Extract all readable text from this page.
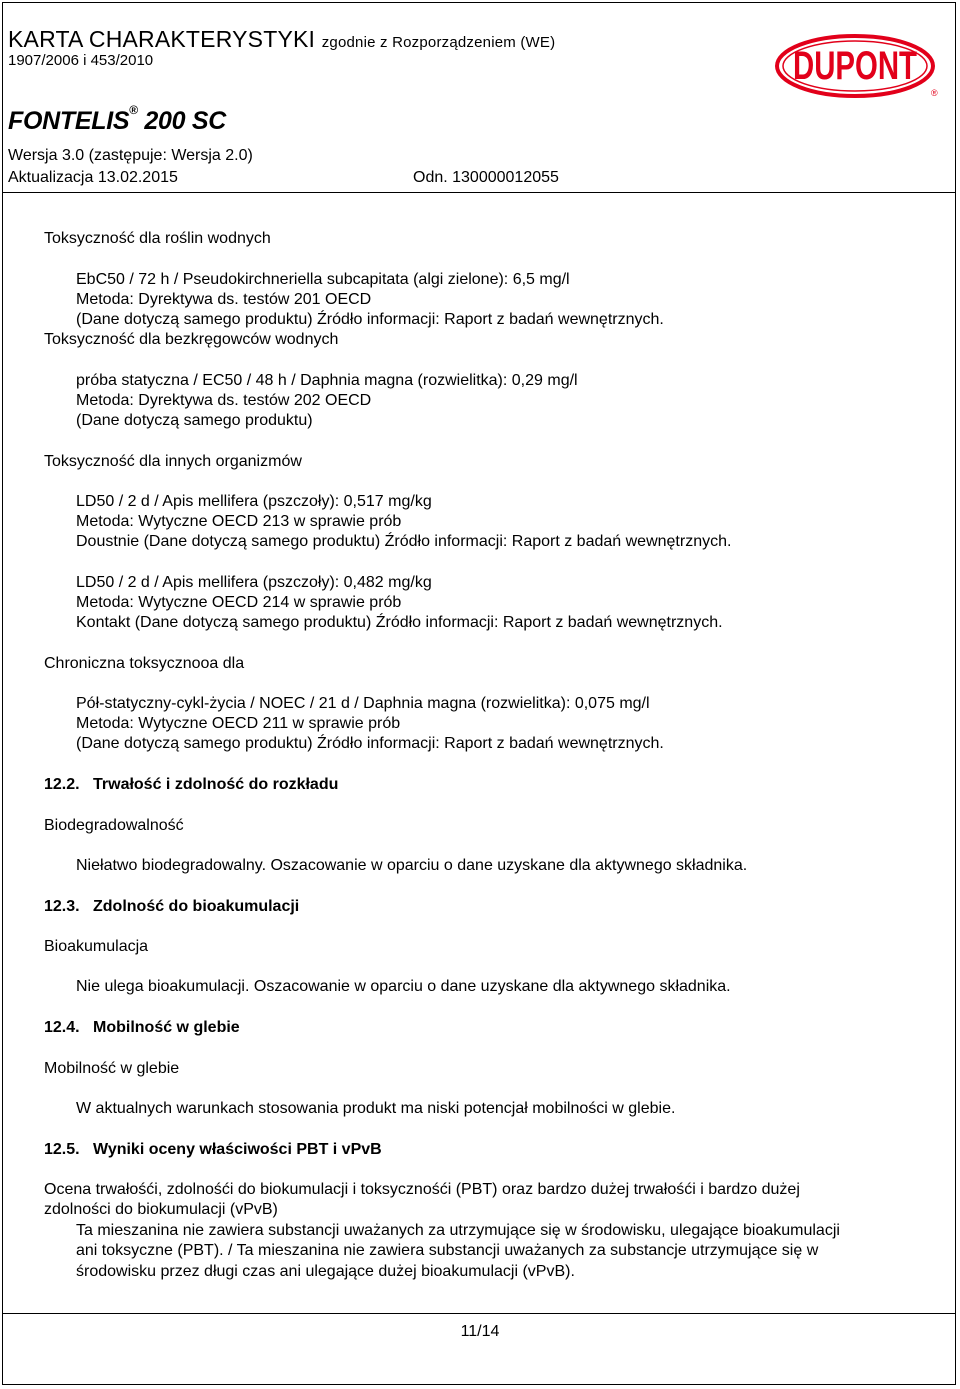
KARTA CHARAKTERYSTYKI zgodnie z Rozporządzeniem (WE)
1907/2006 i 453/2010
FONTELIS® 200 SC
Wersja 3.0 (zastępuje: Wersja 2.0)
Aktualizacja 13.02.2015	Odn. 130000012055
DUPONT
®
Toksyczność dla roślin wodnych
EbC50 / 72 h / Pseudokirchneriella subcapitata (algi zielone): 6,5 mg/l
Metoda: Dyrektywa ds. testów 201 OECD
(Dane dotyczą samego produktu) Źródło informacji: Raport z badań wewnętrznych.
Toksyczność dla bezkręgowców wodnych
próba statyczna / EC50 / 48 h / Daphnia magna (rozwielitka): 0,29 mg/l
Metoda: Dyrektywa ds. testów 202 OECD
(Dane dotyczą samego produktu)
Toksyczność dla innych organizmów
LD50 / 2 d / Apis mellifera (pszczoły): 0,517 mg/kg
Metoda: Wytyczne OECD 213 w sprawie prób
Doustnie (Dane dotyczą samego produktu) Źródło informacji: Raport z badań wewnętrznych.
LD50 / 2 d / Apis mellifera (pszczoły): 0,482 mg/kg
Metoda: Wytyczne OECD 214 w sprawie prób
Kontakt (Dane dotyczą samego produktu) Źródło informacji: Raport z badań wewnętrznych.
Chroniczna toksycznooa dla
Pół-statyczny-cykl-życia / NOEC / 21 d / Daphnia magna (rozwielitka): 0,075 mg/l
Metoda: Wytyczne OECD 211 w sprawie prób
(Dane dotyczą samego produktu) Źródło informacji: Raport z badań wewnętrznych.
12.2. Trwałość i zdolność do rozkładu
Biodegradowalność
Niełatwo biodegradowalny. Oszacowanie w oparciu o dane uzyskane dla aktywnego składnika.
12.3. Zdolność do bioakumulacji
Bioakumulacja
Nie ulega bioakumulacji. Oszacowanie w oparciu o dane uzyskane dla aktywnego składnika.
12.4. Mobilność w glebie
Mobilność w glebie
W aktualnych warunkach stosowania produkt ma niski potencjał mobilności w glebie.
12.5. Wyniki oceny właściwości PBT i vPvB
Ocena trwałośći, zdolnośći do biokumulacji i toksycznośći (PBT) oraz bardzo dużej trwałośći i bardzo dużej
zdolności do biokumulacji (vPvB)
Ta mieszanina nie zawiera substancji uważanych za utrzymujące się w środowisku, ulegające bioakumulacji
ani toksyczne (PBT). / Ta mieszanina nie zawiera substancji uważanych za substancje utrzymujące się w
środowisku przez długi czas ani ulegające dużej bioakumulacji (vPvB).
11/14
